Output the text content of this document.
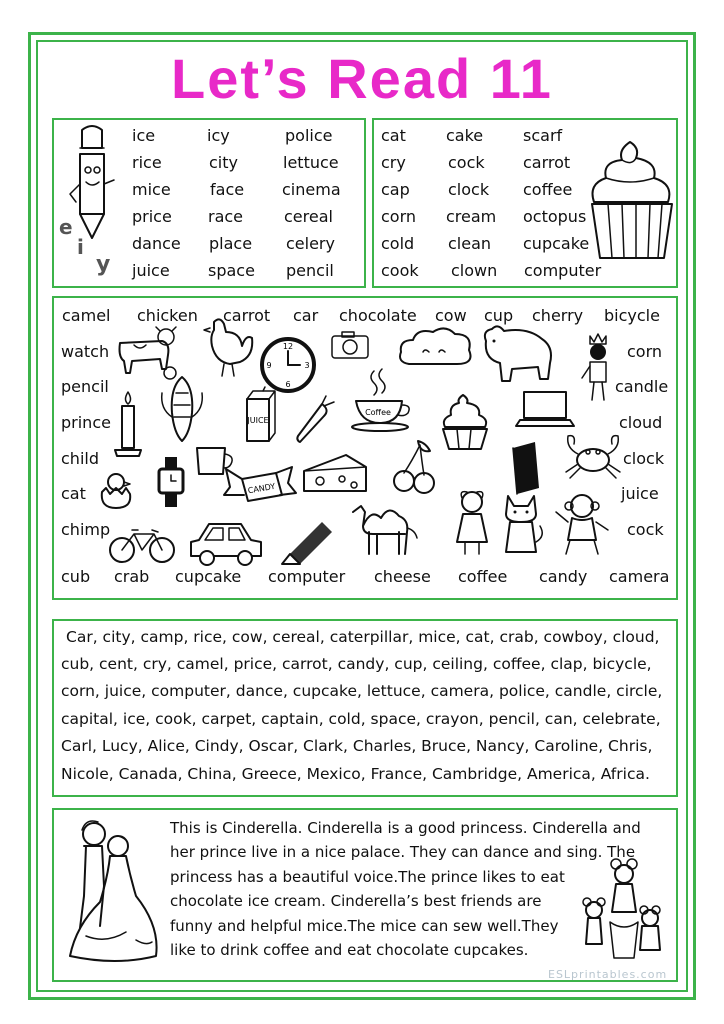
Let’s Read 11
e
i
y
ice
rice
mice
price
dance
juice
icy
city
face
race
place
space
police
lettuce
cinema
cereal
celery
pencil
cat
cry
cap
corn
cold
cook
cake
cock
clock
cream
clean
clown
scarf
carrot
coffee
octopus
cupcake
computer
camel chicken carrot car chocolate cow cup cherry bicycle
watch
pencil
prince
child
cat
chimp
corn
candle
cloud
clock
juice
cock
cub crab cupcake computer cheese coffee candy camera
12
3
6
9
JUICE
Coffee
CANDY
Car, city, camp, rice, cow, cereal, caterpillar, mice, cat, crab, cowboy, cloud,
cub, cent, cry, camel, price, carrot, candy, cup, ceiling, coffee, clap, bicycle,
corn, juice, computer, dance, cupcake, lettuce, camera, police, candle, circle,
capital, ice, cook, carpet, captain, cold, space, crayon, pencil, can, celebrate,
Carl, Lucy, Alice, Cindy, Oscar, Clark, Charles, Bruce, Nancy, Caroline, Chris,
Nicole, Canada, China, Greece, Mexico, France, Cambridge, America, Africa.
This is Cinderella. Cinderella is a good princess. Cinderella and
her prince live in a nice palace. They can dance and sing. The
princess has a beautiful voice.The prince likes to eat
chocolate ice cream. Cinderella’s best friends are
funny and helpful mice.The mice can sew well.They
like to drink coffee and eat chocolate cupcakes.
ESLprintables.com
